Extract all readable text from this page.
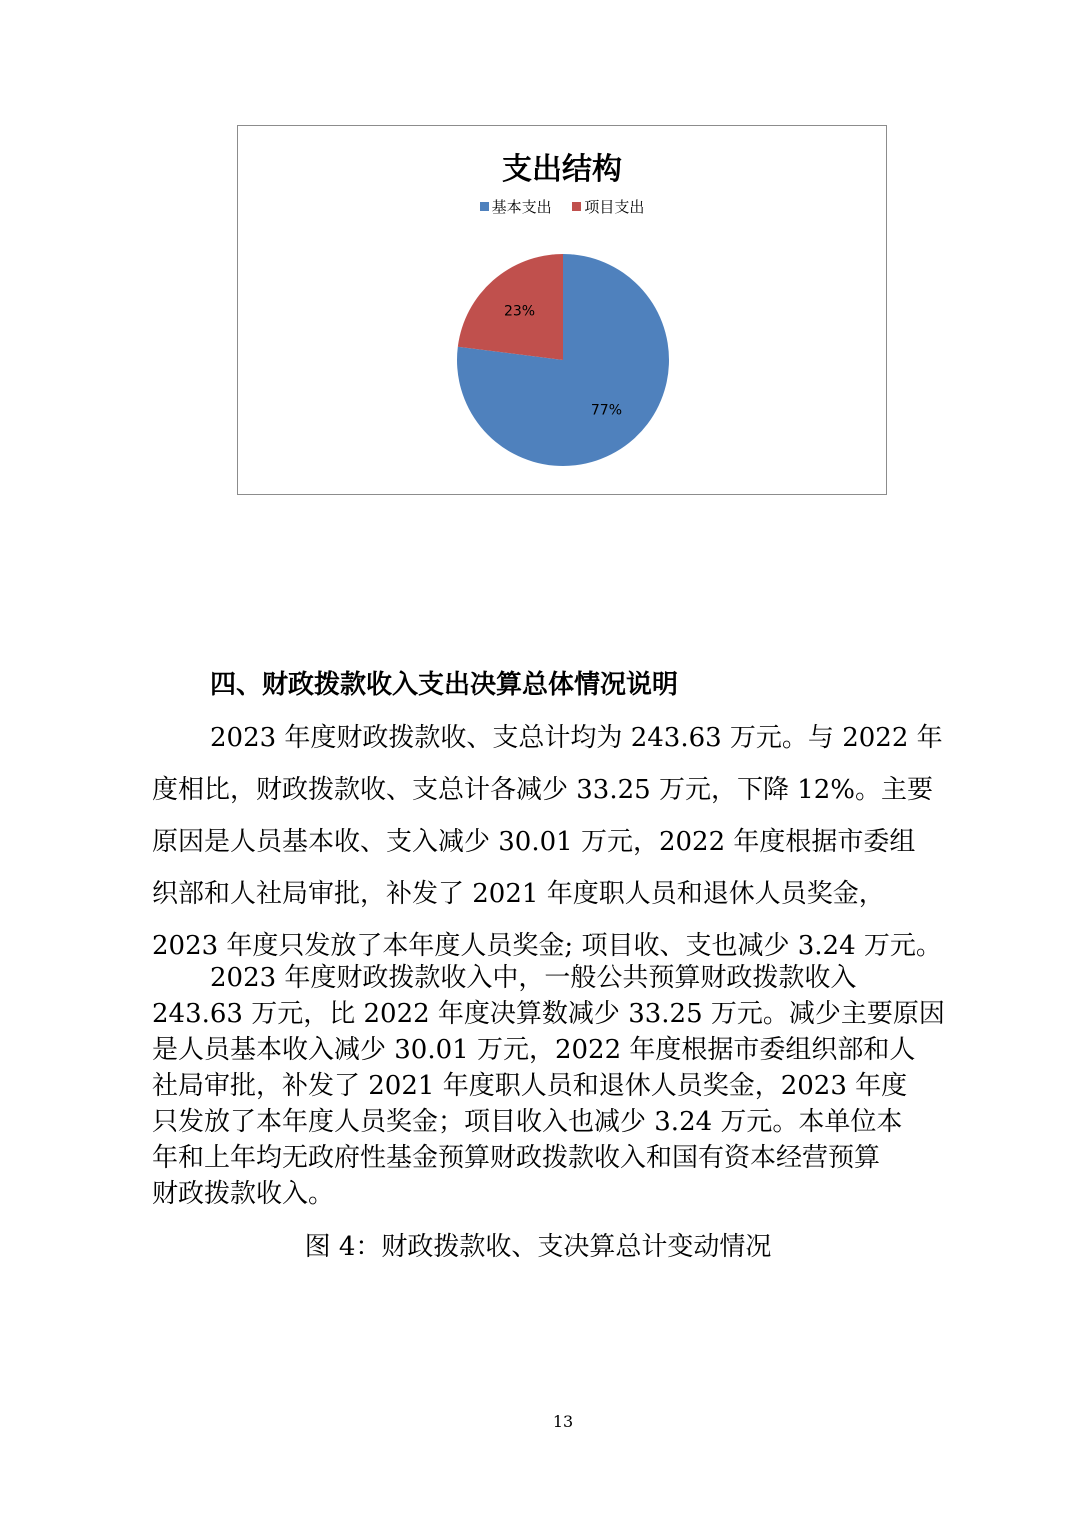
支出结构
基本支出 项目支出
77%
23%
四、财政拨款收入支出决算总体情况说明
2023 年度财政拨款收、支总计均为 243.63 万元。与 2022 年
度相比，财政拨款收、支总计各减少 33.25 万元，下降 12%。主要
原因是人员基本收、支入减少 30.01 万元，2022 年度根据市委组
织部和人社局审批，补发了 2021 年度职人员和退休人员奖金，
2023 年度只发放了本年度人员奖金; 项目收、支也减少 3.24 万元。
2023 年度财政拨款收入中，一般公共预算财政拨款收入
243.63 万元，比 2022 年度决算数减少 33.25 万元。减少主要原因
是人员基本收入减少 30.01 万元，2022 年度根据市委组织部和人
社局审批，补发了 2021 年度职人员和退休人员奖金，2023 年度
只发放了本年度人员奖金；项目收入也减少 3.24 万元。本单位本
年和上年均无政府性基金预算财政拨款收入和国有资本经营预算
财政拨款收入。
图 4：财政拨款收、支决算总计变动情况
13
